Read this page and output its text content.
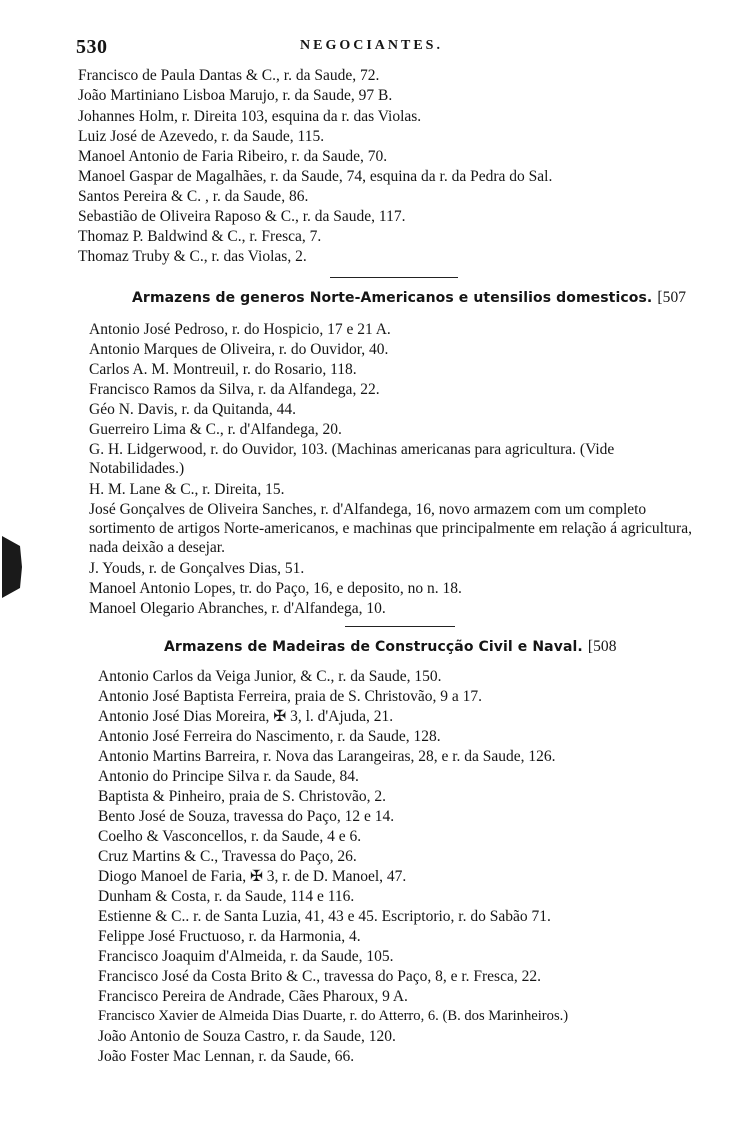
530	NEGOCIANTES.
Francisco de Paula Dantas & C., r. da Saude, 72.
João Martiniano Lisboa Marujo, r. da Saude, 97 B.
Johannes Holm, r. Direita 103, esquina da r. das Violas.
Luiz José de Azevedo, r. da Saude, 115.
Manoel Antonio de Faria Ribeiro, r. da Saude, 70.
Manoel Gaspar de Magalhães, r. da Saude, 74, esquina da r. da Pedra do Sal.
Santos Pereira & C. , r. da Saude, 86.
Sebastião de Oliveira Raposo & C., r. da Saude, 117.
Thomaz P. Baldwind & C., r. Fresca, 7.
Thomaz Truby & C., r. das Violas, 2.
Armazens de generos Norte-Americanos e utensilios domesticos. [507
Antonio José Pedroso, r. do Hospicio, 17 e 21 A.
Antonio Marques de Oliveira, r. do Ouvidor, 40.
Carlos A. M. Montreuil, r. do Rosario, 118.
Francisco Ramos da Silva, r. da Alfandega, 22.
Géo N. Davis, r. da Quitanda, 44.
Guerreiro Lima & C., r. d'Alfandega, 20.
G. H. Lidgerwood, r. do Ouvidor, 103. (Machinas americanas para agricultura. (Vide Notabilidades.)
H. M. Lane & C., r. Direita, 15.
José Gonçalves de Oliveira Sanches, r. d'Alfandega, 16, novo armazem com um completo sortimento de artigos Norte-americanos, e machinas que principalmente em relação á agricultura, nada deixão a desejar.
J. Youds, r. de Gonçalves Dias, 51.
Manoel Antonio Lopes, tr. do Paço, 16, e deposito, no n. 18.
Manoel Olegario Abranches, r. d'Alfandega, 10.
Armazens de Madeiras de Construcção Civil e Naval. [508
Antonio Carlos da Veiga Junior, & C., r. da Saude, 150.
Antonio José Baptista Ferreira, praia de S. Christovão, 9 a 17.
Antonio José Dias Moreira, ✠ 3, l. d'Ajuda, 21.
Antonio José Ferreira do Nascimento, r. da Saude, 128.
Antonio Martins Barreira, r. Nova das Larangeiras, 28, e r. da Saude, 126.
Antonio do Principe Silva r. da Saude, 84.
Baptista & Pinheiro, praia de S. Christovão, 2.
Bento José de Souza, travessa do Paço, 12 e 14.
Coelho & Vasconcellos, r. da Saude, 4 e 6.
Cruz Martins & C., Travessa do Paço, 26.
Diogo Manoel de Faria, ✠ 3, r. de D. Manoel, 47.
Dunham & Costa, r. da Saude, 114 e 116.
Estienne & C.. r. de Santa Luzia, 41, 43 e 45. Escriptorio, r. do Sabão 71.
Felippe José Fructuoso, r. da Harmonia, 4.
Francisco Joaquim d'Almeida, r. da Saude, 105.
Francisco José da Costa Brito & C., travessa do Paço, 8, e r. Fresca, 22.
Francisco Pereira de Andrade, Cães Pharoux, 9 A.
Francisco Xavier de Almeida Dias Duarte, r. do Atterro, 6. (B. dos Marinheiros.)
João Antonio de Souza Castro, r. da Saude, 120.
João Foster Mac Lennan, r. da Saude, 66.
